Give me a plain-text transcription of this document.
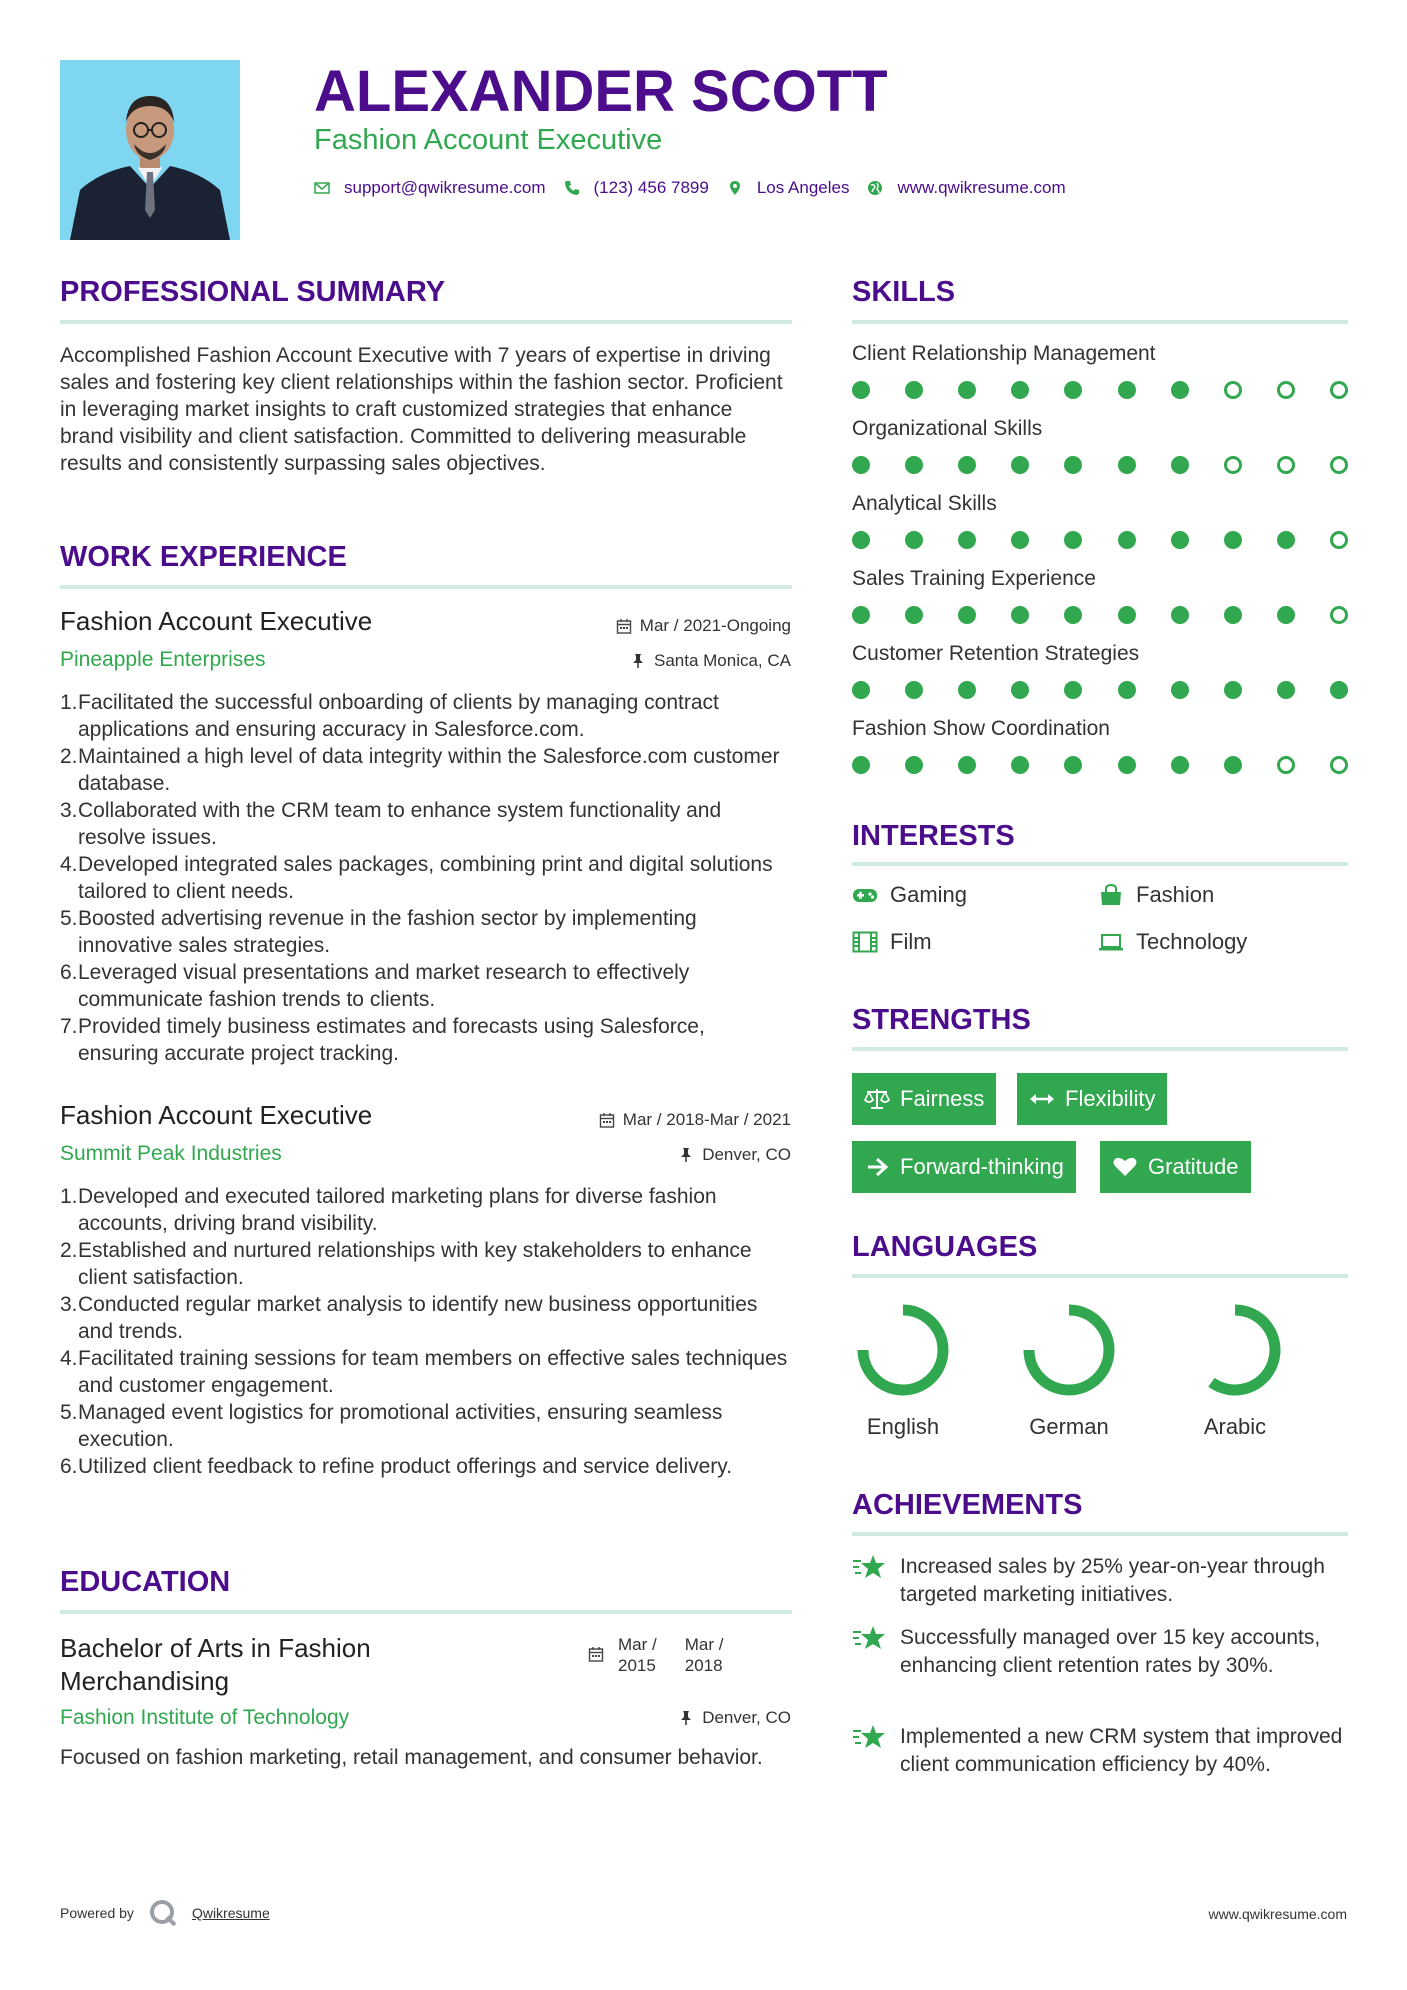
ALEXANDER SCOTT
Fashion Account Executive
support@qwikresume.com	(123) 456 7899	Los Angeles	www.qwikresume.com
PROFESSIONAL SUMMARY
Accomplished Fashion Account Executive with 7 years of expertise in driving sales and fostering key client relationships within the fashion sector. Proficient in leveraging market insights to craft customized strategies that enhance brand visibility and client satisfaction. Committed to delivering measurable results and consistently surpassing sales objectives.
WORK EXPERIENCE
Fashion Account Executive	Mar / 2021-Ongoing
Pineapple Enterprises	Santa Monica, CA
1. Facilitated the successful onboarding of clients by managing contract applications and ensuring accuracy in Salesforce.com.
2. Maintained a high level of data integrity within the Salesforce.com customer database.
3. Collaborated with the CRM team to enhance system functionality and resolve issues.
4. Developed integrated sales packages, combining print and digital solutions tailored to client needs.
5. Boosted advertising revenue in the fashion sector by implementing innovative sales strategies.
6. Leveraged visual presentations and market research to effectively communicate fashion trends to clients.
7. Provided timely business estimates and forecasts using Salesforce, ensuring accurate project tracking.
Fashion Account Executive	Mar / 2018-Mar / 2021
Summit Peak Industries	Denver, CO
1. Developed and executed tailored marketing plans for diverse fashion accounts, driving brand visibility.
2. Established and nurtured relationships with key stakeholders to enhance client satisfaction.
3. Conducted regular market analysis to identify new business opportunities and trends.
4. Facilitated training sessions for team members on effective sales techniques and customer engagement.
5. Managed event logistics for promotional activities, ensuring seamless execution.
6. Utilized client feedback to refine product offerings and service delivery.
EDUCATION
Bachelor of Arts in Fashion
Merchandising
Mar /
2015
Mar /
2018
Fashion Institute of Technology	Denver, CO
Focused on fashion marketing, retail management, and consumer behavior.
SKILLS
Client Relationship Management
Organizational Skills
Analytical Skills
Sales Training Experience
Customer Retention Strategies
Fashion Show Coordination
INTERESTS
Gaming	Fashion
Film	Technology
STRENGTHS
Fairness	Flexibility
Forward-thinking	Gratitude
LANGUAGES
English	German	Arabic
ACHIEVEMENTS
Increased sales by 25% year-on-year through targeted marketing initiatives.
Successfully managed over 15 key accounts, enhancing client retention rates by 30%.
Implemented a new CRM system that improved client communication efficiency by 40%.
Powered by	Qwikresume	www.qwikresume.com
